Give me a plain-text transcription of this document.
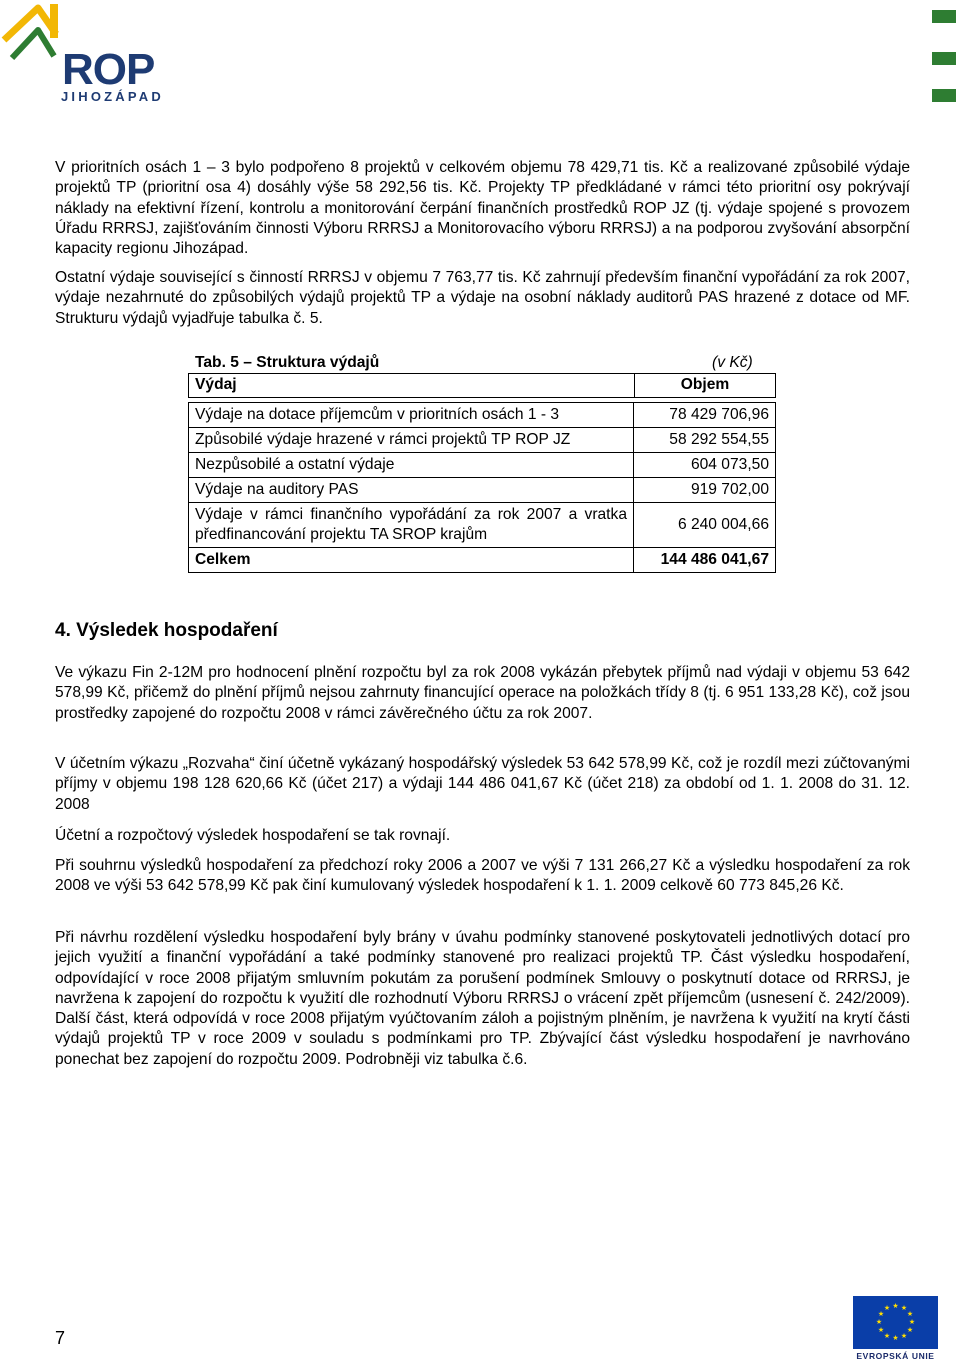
ROP
JIHOZÁPAD

V prioritních osách 1 – 3 bylo podpořeno 8 projektů v celkovém objemu 78 429,71 tis. Kč a realizované způsobilé výdaje projektů TP (prioritní osa 4) dosáhly výše 58 292,56 tis. Kč. Projekty TP předkládané v rámci této prioritní osy pokrývají náklady na efektivní řízení, kontrolu a monitorování čerpání finančních prostředků ROP JZ (tj. výdaje spojené s provozem Úřadu RRRSJ, zajišťováním činnosti Výboru RRRSJ a Monitorovacího výboru RRRSJ) a na podporou zvyšování absorpční kapacity regionu Jihozápad.

Ostatní výdaje související s činností RRRSJ v objemu 7 763,77 tis. Kč zahrnují především finanční vypořádání za rok 2007, výdaje nezahrnuté do způsobilých výdajů projektů TP a výdaje na osobní náklady auditorů PAS hrazené z dotace od MF. Strukturu výdajů vyjadřuje tabulka č. 5.

Tab. 5 – Struktura výdajů	(v Kč)
Výdaj	Objem
Výdaje na dotace příjemcům v prioritních osách 1 - 3	78 429 706,96
Způsobilé výdaje hrazené v rámci projektů TP ROP JZ	58 292 554,55
Nezpůsobilé a ostatní výdaje	604 073,50
Výdaje na auditory PAS	919 702,00
Výdaje v rámci finančního vypořádání za rok 2007 a vratka předfinancování projektu TA SROP krajům	6 240 004,66
Celkem	144 486 041,67
4. Výsledek hospodaření

Ve výkazu Fin 2-12M pro hodnocení plnění rozpočtu byl za rok 2008 vykázán přebytek příjmů nad výdaji v objemu 53 642 578,99 Kč, přičemž do plnění příjmů nejsou zahrnuty financující operace na položkách třídy 8 (tj. 6 951 133,28 Kč), což jsou prostředky zapojené do rozpočtu 2008 v rámci závěrečného účtu za rok 2007.

V účetním výkazu „Rozvaha“ činí účetně vykázaný hospodářský výsledek 53 642 578,99 Kč, což je rozdíl mezi zúčtovanými příjmy v objemu 198 128 620,66 Kč (účet 217) a výdaji 144 486 041,67 Kč (účet 218) za období od 1. 1. 2008 do 31. 12. 2008

Účetní a rozpočtový výsledek hospodaření se tak rovnají.

Při souhrnu výsledků hospodaření za předchozí roky 2006 a 2007 ve výši 7 131 266,27 Kč a výsledku hospodaření za rok 2008 ve výši 53 642 578,99 Kč pak činí kumulovaný výsledek hospodaření k 1. 1. 2009 celkově 60 773 845,26 Kč.

Při návrhu rozdělení výsledku hospodaření byly brány v úvahu podmínky stanovené poskytovateli jednotlivých dotací pro jejich využití a finanční vypořádání a také podmínky stanovené pro realizaci projektů TP. Část výsledku hospodaření, odpovídající v roce 2008 přijatým smluvním pokutám za porušení podmínek Smlouvy o poskytnutí dotace od RRRSJ, je navržena k zapojení do rozpočtu k využití dle rozhodnutí Výboru RRRSJ o vrácení zpět příjemcům (usnesení č. 242/2009). Další část, která odpovídá v roce 2008 přijatým vyúčtovaním záloh a pojistným plněním, je navržena k využití na krytí části výdajů projektů TP v roce 2009 v souladu s podmínkami pro TP. Zbývající část výsledku hospodaření je navrhováno ponechat bez zapojení do rozpočtu 2009. Podrobněji viz tabulka č.6.

7
★ ★
★
★
★
★
★
★
★
★
★
★
EVROPSKÁ UNIE
